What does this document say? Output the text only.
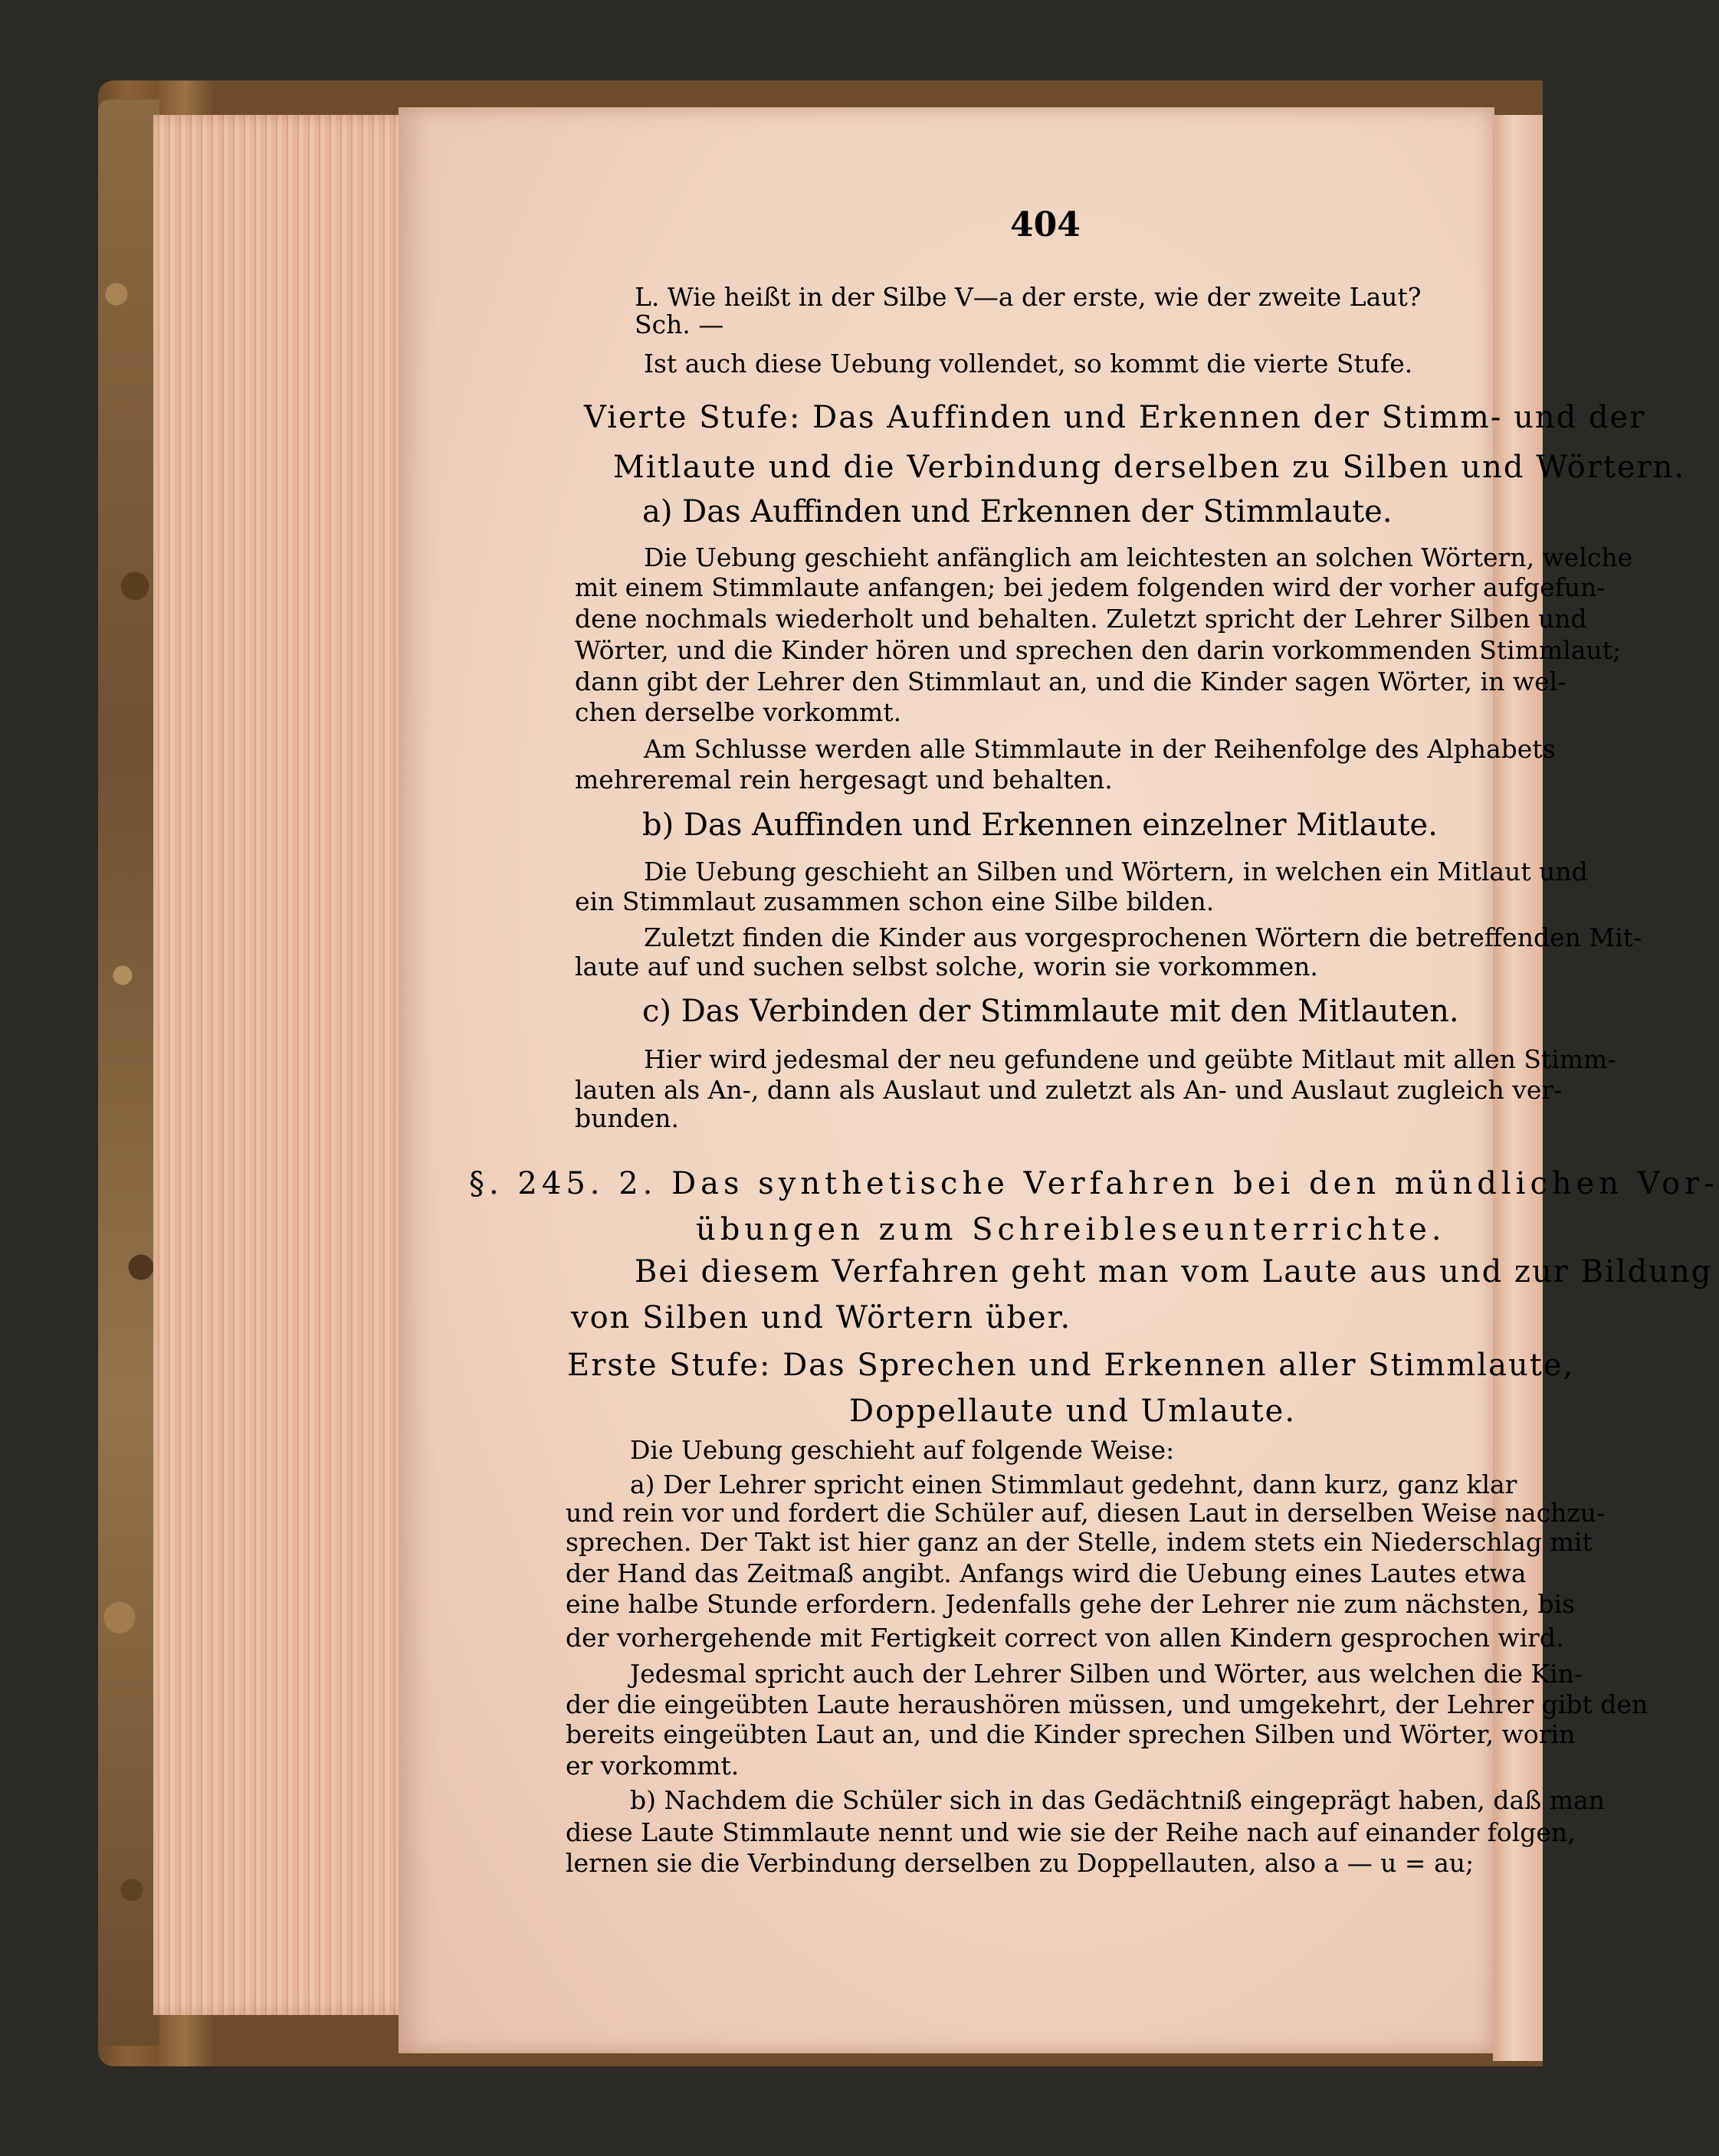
404
L. Wie heißt in der Silbe V—a der erste, wie der zweite Laut?
Sch. —
Ist auch diese Uebung vollendet, so kommt die vierte Stufe.
Vierte Stufe: Das Auffinden und Erkennen der Stimm- und der
Mitlaute und die Verbindung derselben zu Silben und Wörtern.
a) Das Auffinden und Erkennen der Stimmlaute.
Die Uebung geschieht anfänglich am leichtesten an solchen Wörtern, welche
mit einem Stimmlaute anfangen; bei jedem folgenden wird der vorher aufgefun-
dene nochmals wiederholt und behalten. Zuletzt spricht der Lehrer Silben und
Wörter, und die Kinder hören und sprechen den darin vorkommenden Stimmlaut;
dann gibt der Lehrer den Stimmlaut an, und die Kinder sagen Wörter, in wel-
chen derselbe vorkommt.
Am Schlusse werden alle Stimmlaute in der Reihenfolge des Alphabets
mehreremal rein hergesagt und behalten.
b) Das Auffinden und Erkennen einzelner Mitlaute.
Die Uebung geschieht an Silben und Wörtern, in welchen ein Mitlaut und
ein Stimmlaut zusammen schon eine Silbe bilden.
Zuletzt finden die Kinder aus vorgesprochenen Wörtern die betreffenden Mit-
laute auf und suchen selbst solche, worin sie vorkommen.
c) Das Verbinden der Stimmlaute mit den Mitlauten.
Hier wird jedesmal der neu gefundene und geübte Mitlaut mit allen Stimm-
lauten als An-, dann als Auslaut und zuletzt als An- und Auslaut zugleich ver-
bunden.
§. 245. 2. Das synthetische Verfahren bei den mündlichen Vor-
übungen zum Schreibleseunterrichte.
Bei diesem Verfahren geht man vom Laute aus und zur Bildung
von Silben und Wörtern über.
Erste Stufe: Das Sprechen und Erkennen aller Stimmlaute,
Doppellaute und Umlaute.
Die Uebung geschieht auf folgende Weise:
a) Der Lehrer spricht einen Stimmlaut gedehnt, dann kurz, ganz klar
und rein vor und fordert die Schüler auf, diesen Laut in derselben Weise nachzu-
sprechen. Der Takt ist hier ganz an der Stelle, indem stets ein Niederschlag mit
der Hand das Zeitmaß angibt. Anfangs wird die Uebung eines Lautes etwa
eine halbe Stunde erfordern. Jedenfalls gehe der Lehrer nie zum nächsten, bis
der vorhergehende mit Fertigkeit correct von allen Kindern gesprochen wird.
Jedesmal spricht auch der Lehrer Silben und Wörter, aus welchen die Kin-
der die eingeübten Laute heraushören müssen, und umgekehrt, der Lehrer gibt den
bereits eingeübten Laut an, und die Kinder sprechen Silben und Wörter, worin
er vorkommt.
b) Nachdem die Schüler sich in das Gedächtniß eingeprägt haben, daß man
diese Laute Stimmlaute nennt und wie sie der Reihe nach auf einander folgen,
lernen sie die Verbindung derselben zu Doppellauten, also a — u = au;
